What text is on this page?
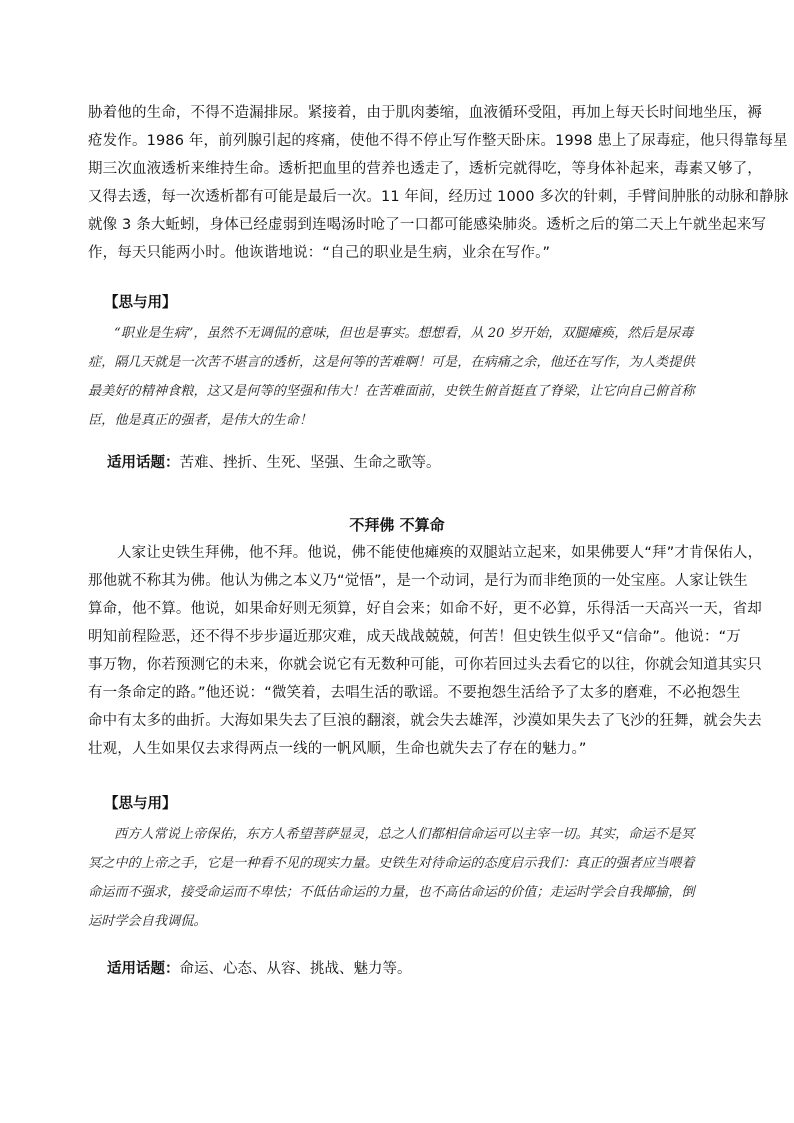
胁着他的生命，不得不造漏排尿。紧接着，由于肌肉萎缩，血液循环受阻，再加上每天长时间地坐压，褥
疮发作。1986 年，前列腺引起的疼痛，使他不得不停止写作整天卧床。1998 患上了尿毒症，他只得靠每星
期三次血液透析来维持生命。透析把血里的营养也透走了，透析完就得吃，等身体补起来，毒素又够了，
又得去透，每一次透析都有可能是最后一次。11 年间，经历过 1000 多次的针刺，手臂间肿胀的动脉和静脉
就像 3 条大蚯蚓，身体已经虚弱到连喝汤时呛了一口都可能感染肺炎。透析之后的第二天上午就坐起来写
作，每天只能两小时。他诙谐地说：“自己的职业是生病，业余在写作。”
【思与用】
“职业是生病”，虽然不无调侃的意味，但也是事实。想想看，从 20 岁开始，双腿瘫痪，然后是尿毒
症，隔几天就是一次苦不堪言的透析，这是何等的苦难啊！可是，在病痛之余，他还在写作，为人类提供
最美好的精神食粮，这又是何等的坚强和伟大！在苦难面前，史铁生俯首挺直了脊梁，让它向自己俯首称
臣，他是真正的强者，是伟大的生命！
适用话题：苦难、挫折、生死、坚强、生命之歌等。
不拜佛 不算命
人家让史铁生拜佛，他不拜。他说，佛不能使他瘫痪的双腿站立起来，如果佛要人“拜”才肯保佑人，
那他就不称其为佛。他认为佛之本义乃“觉悟”，是一个动词，是行为而非绝顶的一处宝座。人家让铁生
算命，他不算。他说，如果命好则无须算，好自会来；如命不好，更不必算，乐得活一天高兴一天，省却
明知前程险恶，还不得不步步逼近那灾难，成天战战兢兢，何苦！但史铁生似乎又“信命”。他说：“万
事万物，你若预测它的未来，你就会说它有无数种可能，可你若回过头去看它的以往，你就会知道其实只
有一条命定的路。”他还说：“微笑着，去唱生活的歌谣。不要抱怨生活给予了太多的磨难，不必抱怨生
命中有太多的曲折。大海如果失去了巨浪的翻滚，就会失去雄浑，沙漠如果失去了飞沙的狂舞，就会失去
壮观，人生如果仅去求得两点一线的一帆风顺，生命也就失去了存在的魅力。”
【思与用】
西方人常说上帝保佑，东方人希望菩萨显灵，总之人们都相信命运可以主宰一切。其实，命运不是冥
冥之中的上帝之手，它是一种看不见的现实力量。史铁生对待命运的态度启示我们：真正的强者应当喂着
命运而不强求，接受命运而不卑怯；不低估命运的力量，也不高估命运的价值；走运时学会自我揶揄，倒
运时学会自我调侃。
适用话题：命运、心态、从容、挑战、魅力等。
